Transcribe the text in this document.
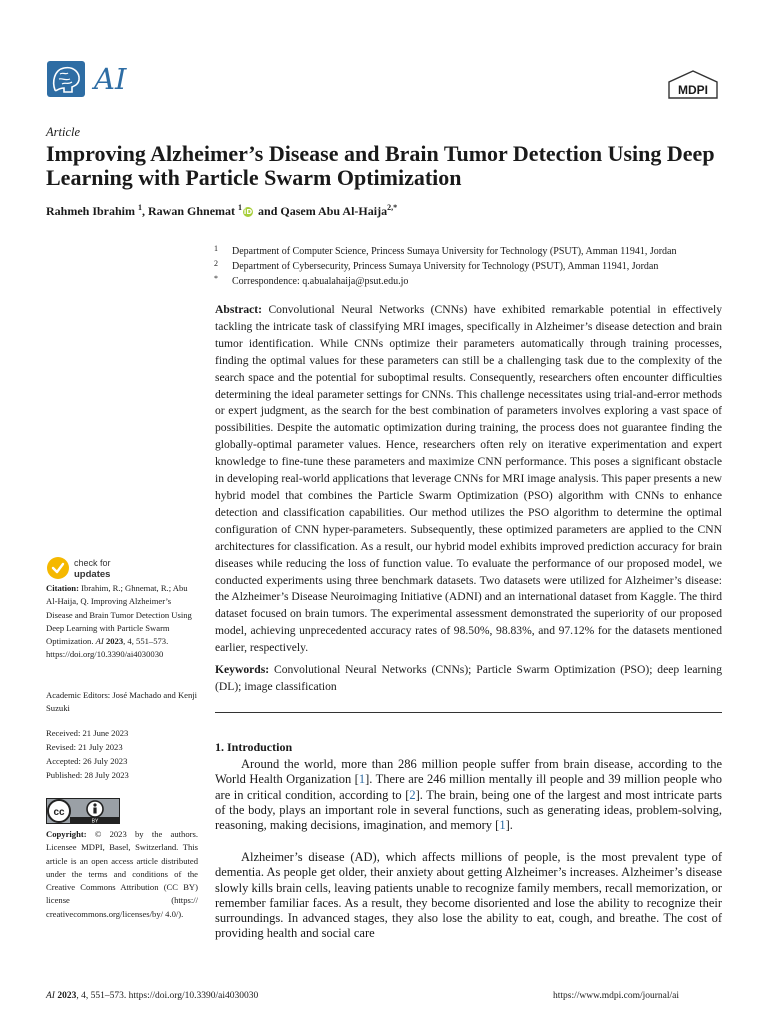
AI	MDPI
Article
Improving Alzheimer’s Disease and Brain Tumor Detection Using Deep Learning with Particle Swarm Optimization
Rahmeh Ibrahim $^1$, Rawan Ghnemat $^1$ iD and Qasem Abu Al-Haija$^{2,*}$
1 Department of Computer Science, Princess Sumaya University for Technology (PSUT), Amman 11941, Jordan
2 Department of Cybersecurity, Princess Sumaya University for Technology (PSUT), Amman 11941, Jordan
* Correspondence: q.abualahaija@psut.edu.jo
Abstract: Convolutional Neural Networks (CNNs) have exhibited remarkable potential in effectively tackling the intricate task of classifying MRI images, specifically in Alzheimer’s disease detection and brain tumor identification. While CNNs optimize their parameters automatically through training processes, finding the optimal values for these parameters can still be a challenging task due to the complexity of the search space and the potential for suboptimal results. Consequently, researchers often encounter difficulties determining the ideal parameter settings for CNNs. This challenge necessitates using trial-and-error methods or expert judgment, as the search for the best combination of parameters involves exploring a vast space of possibilities. Despite the automatic optimization during training, the process does not guarantee finding the globally-optimal parameter values. Hence, researchers often rely on iterative experimentation and expert knowledge to fine-tune these parameters and maximize CNN performance. This poses a significant obstacle in developing real-world applications that leverage CNNs for MRI image analysis. This paper presents a new hybrid model that combines the Particle Swarm Optimization (PSO) algorithm with CNNs to enhance detection and classification capabilities. Our method utilizes the PSO algorithm to determine the optimal configuration of CNN hyper-parameters. Subsequently, these optimized parameters are applied to the CNN architectures for classification. As a result, our hybrid model exhibits improved prediction accuracy for brain diseases while reducing the loss of function value. To evaluate the performance of our proposed model, we conducted experiments using three benchmark datasets. Two datasets were utilized for Alzheimer’s disease: the Alzheimer’s Disease Neuroimaging Initiative (ADNI) and an international dataset from Kaggle. The third dataset focused on brain tumors. The experimental assessment demonstrated the superiority of our proposed model, achieving unprecedented accuracy rates of 98.50%, 98.83%, and 97.12% for the datasets mentioned earlier, respectively.
Keywords: Convolutional Neural Networks (CNNs); Particle Swarm Optimization (PSO); deep learning (DL); image classification
1. Introduction
Around the world, more than 286 million people suffer from brain disease, according to the World Health Organization [1]. There are 246 million mentally ill people and 39 million people who are in critical condition, according to [2]. The brain, being one of the largest and most intricate parts of the body, plays an important role in several functions, such as generating ideas, problem-solving, reasoning, making decisions, imagination, and memory [1].
Alzheimer’s disease (AD), which affects millions of people, is the most prevalent type of dementia. As people get older, their anxiety about getting Alzheimer’s increases. Alzheimer’s disease slowly kills brain cells, leaving patients unable to recognize family members, recall memorization, or remember familiar faces. As a result, they become disoriented and lose the ability to recognize their surroundings. In advanced stages, they also lose the ability to eat, cough, and breathe. The cost of providing health and social care
check for
updates
Citation: Ibrahim, R.; Ghnemat, R.; Abu Al-Haija, Q. Improving Alzheimer’s Disease and Brain Tumor Detection Using Deep Learning with Particle Swarm Optimization. AI 2023, 4, 551–573. https://doi.org/10.3390/ai4030030
Academic Editors: José Machado and Kenji Suzuki
Received: 21 June 2023
Revised: 21 July 2023
Accepted: 26 July 2023
Published: 28 July 2023
cc
BY
Copyright: © 2023 by the authors. Licensee MDPI, Basel, Switzerland. This article is an open access article distributed under the terms and conditions of the Creative Commons Attribution (CC BY) license (https:// creativecommons.org/licenses/by/ 4.0/).
AI 2023, 4, 551–573. https://doi.org/10.3390/ai4030030	https://www.mdpi.com/journal/ai
